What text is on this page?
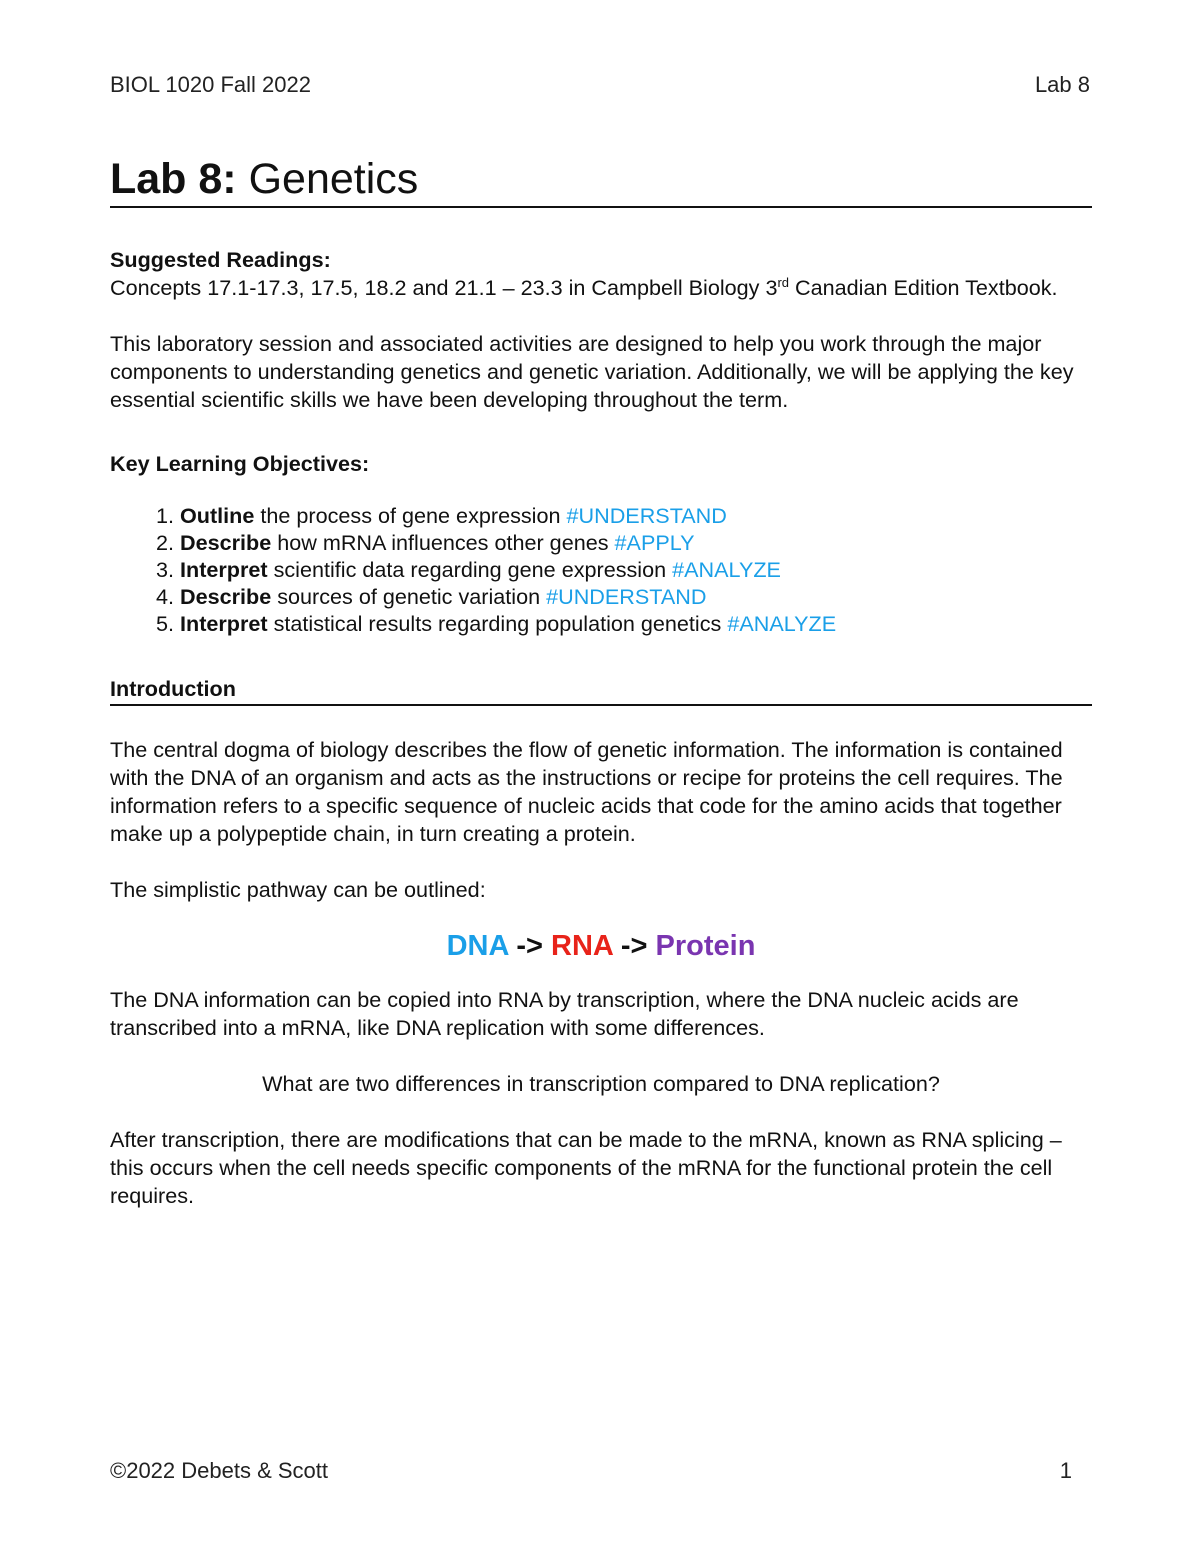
BIOL 1020 Fall 2022	Lab 8
Lab 8: Genetics

Suggested Readings:

Concepts 17.1-17.3, 17.5, 18.2 and 21.1 – 23.3 in Campbell Biology 3rd Canadian Edition Textbook.

This laboratory session and associated activities are designed to help you work through the major components to understanding genetics and genetic variation. Additionally, we will be applying the key essential scientific skills we have been developing throughout the term.

Key Learning Objectives:

1. Outline the process of gene expression #UNDERSTAND
2. Describe how mRNA influences other genes #APPLY
3. Interpret scientific data regarding gene expression #ANALYZE
4. Describe sources of genetic variation #UNDERSTAND
5. Interpret statistical results regarding population genetics #ANALYZE

Introduction

The central dogma of biology describes the flow of genetic information. The information is contained with the DNA of an organism and acts as the instructions or recipe for proteins the cell requires. The information refers to a specific sequence of nucleic acids that code for the amino acids that together make up a polypeptide chain, in turn creating a protein.

The simplistic pathway can be outlined:

DNA -> RNA -> Protein

The DNA information can be copied into RNA by transcription, where the DNA nucleic acids are transcribed into a mRNA, like DNA replication with some differences.

What are two differences in transcription compared to DNA replication?

After transcription, there are modifications that can be made to the mRNA, known as RNA splicing – this occurs when the cell needs specific components of the mRNA for the functional protein the cell requires.

©2022 Debets & Scott	1
